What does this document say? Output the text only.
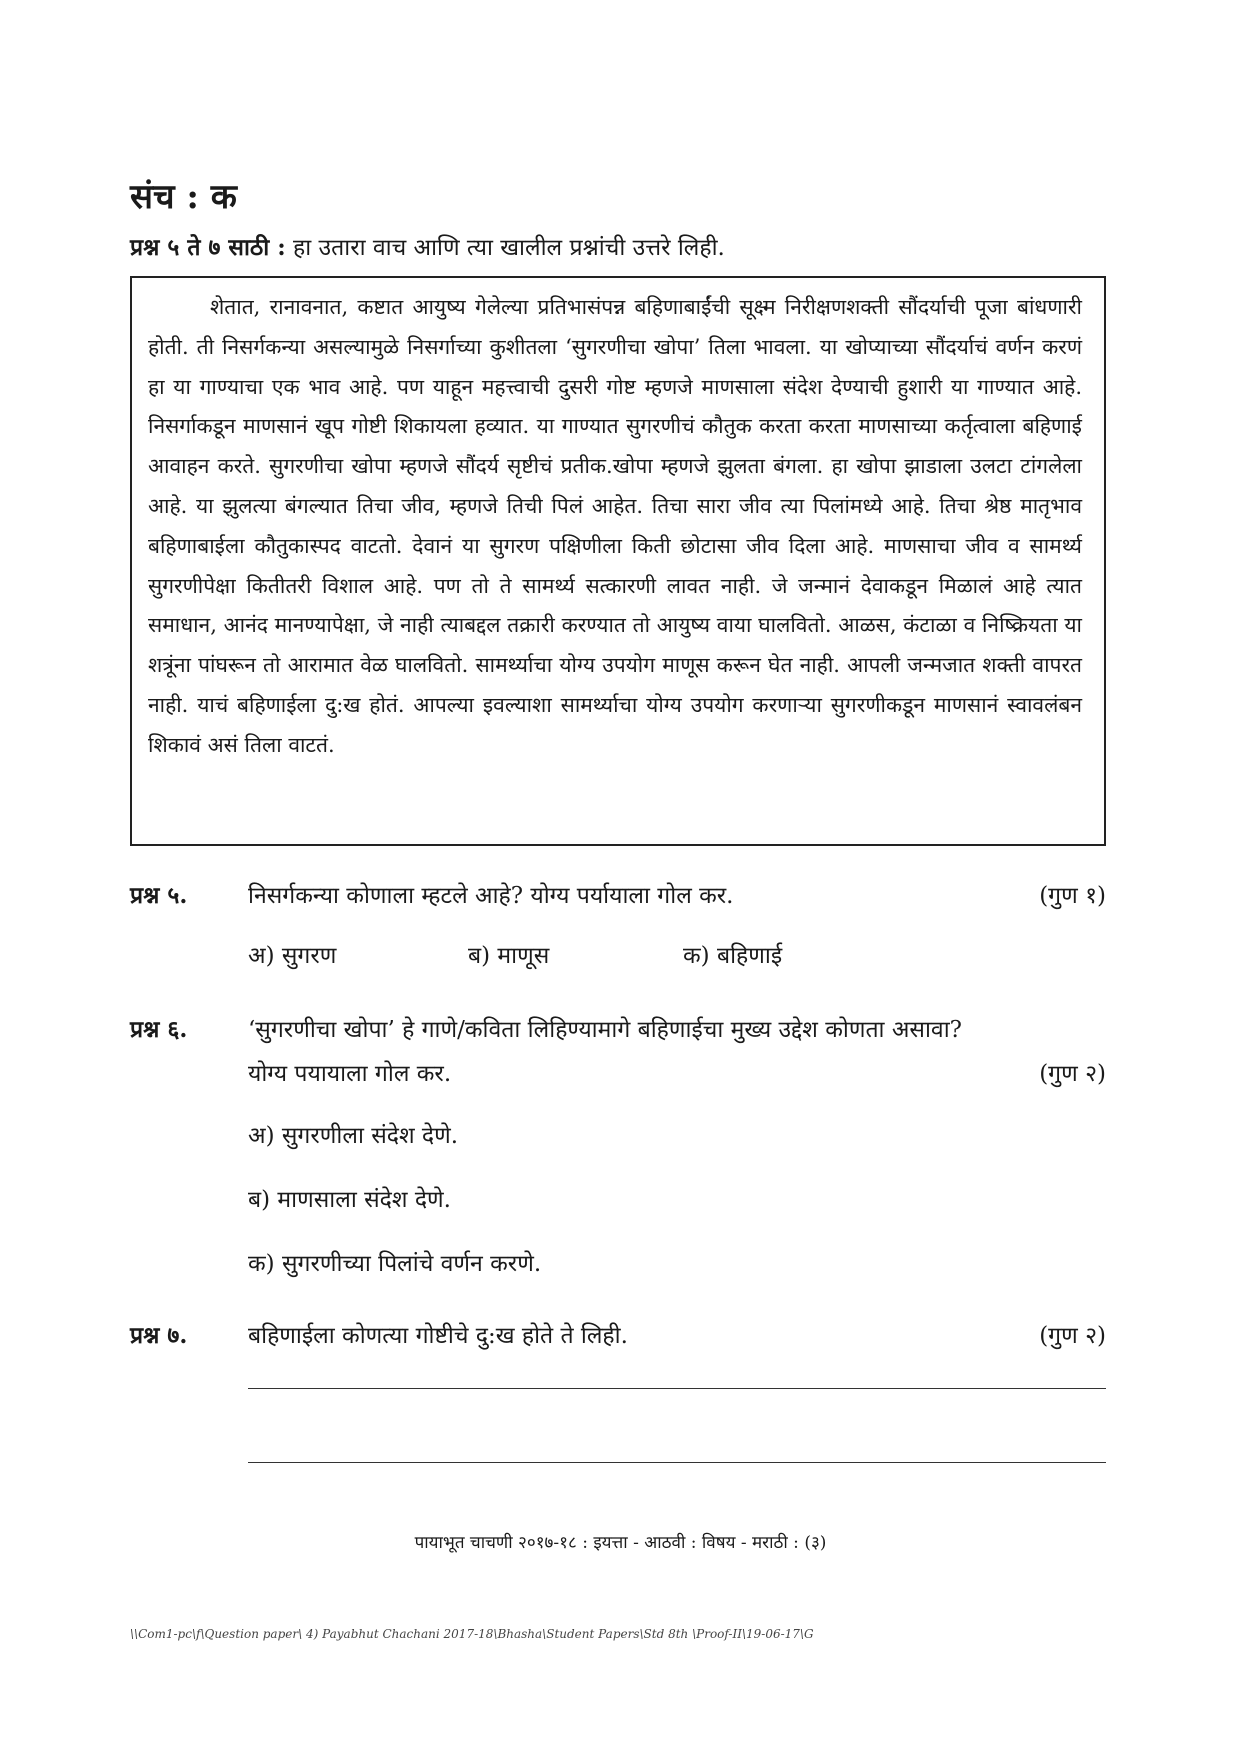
संच : क

प्रश्न ५ ते ७ साठी : हा उतारा वाच आणि त्या खालील प्रश्नांची उत्तरे लिही.

शेतात, रानावनात, कष्टात आयुष्य गेलेल्या प्रतिभासंपन्न बहिणाबाईंची सूक्ष्म निरीक्षणशक्ती सौंदर्याची पूजा बांधणारी होती. ती निसर्गकन्या असल्यामुळे निसर्गाच्या कुशीतला ‘सुगरणीचा खोपा’ तिला भावला. या खोप्याच्या सौंदर्याचं वर्णन करणं हा या गाण्याचा एक भाव आहे. पण याहून महत्त्वाची दुसरी गोष्ट म्हणजे माणसाला संदेश देण्याची हुशारी या गाण्यात आहे. निसर्गाकडून माणसानं खूप गोष्टी शिकायला हव्यात. या गाण्यात सुगरणीचं कौतुक करता करता माणसाच्या कर्तृत्वाला बहिणाई आवाहन करते. सुगरणीचा खोपा म्हणजे सौंदर्य सृष्टीचं प्रतीक.खोपा म्हणजे झुलता बंगला. हा खोपा झाडाला उलटा टांगलेला आहे. या झुलत्या बंगल्यात तिचा जीव, म्हणजे तिची पिलं आहेत. तिचा सारा जीव त्या पिलांमध्ये आहे. तिचा श्रेष्ठ मातृभाव बहिणाबाईला कौतुकास्पद वाटतो. देवानं या सुगरण पक्षिणीला किती छोटासा जीव दिला आहे. माणसाचा जीव व सामर्थ्य सुगरणीपेक्षा कितीतरी विशाल आहे. पण तो ते सामर्थ्य सत्कारणी लावत नाही. जे जन्मानं देवाकडून मिळालं आहे त्यात समाधान, आनंद मानण्यापेक्षा, जे नाही त्याबद्दल तक्रारी करण्यात तो आयुष्य वाया घालवितो. आळस, कंटाळा व निष्क्रियता या शत्रूंना पांघरून तो आरामात वेळ घालवितो. सामर्थ्याचा योग्य उपयोग माणूस करून घेत नाही. आपली जन्मजात शक्ती वापरत नाही. याचं बहिणाईला दु:ख होतं. आपल्या इवल्याशा सामर्थ्याचा योग्य उपयोग करणाऱ्या सुगरणीकडून माणसानं स्वावलंबन शिकावं असं तिला वाटतं.

प्रश्न ५.	निसर्गकन्या कोणाला म्हटले आहे? योग्य पर्यायाला गोल कर.	(गुण १)
अ) सुगरण	ब) माणूस	क) बहिणाई
प्रश्न ६.	‘सुगरणीचा खोपा’ हे गाणे/कविता लिहिण्यामागे बहिणाईचा मुख्य उद्देश कोणता असावा?
योग्य पयायाला गोल कर.	(गुण २)
अ) सुगरणीला संदेश देणे.
ब) माणसाला संदेश देणे.
क) सुगरणीच्या पिलांचे वर्णन करणे.
प्रश्न ७.	बहिणाईला कोणत्या गोष्टीचे दु:ख होते ते लिही.	(गुण २)
पायाभूत चाचणी २०१७-१८ : इयत्ता - आठवी : विषय - मराठी : (३)
\\Com1-pc\f\Question paper\ 4) Payabhut Chachani 2017-18\Bhasha\Student Papers\Std 8th \Proof-II\19-06-17\G
